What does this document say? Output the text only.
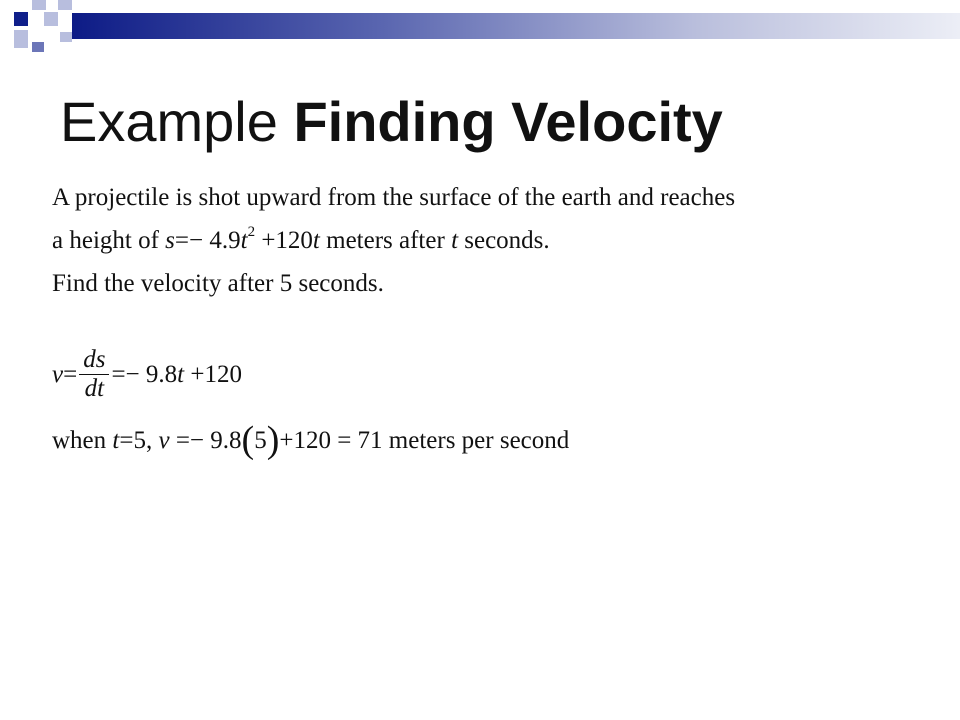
Example Finding Velocity
A projectile is shot upward from the surface of the earth and reaches
a height of $s=- 4.9t^2 +120t$ meters after t seconds.
Find the velocity after 5 seconds.
$v= \frac{ds}{dt} =- 9.8t +120$
when t=5, v =− 9.8(5)+120 = 71 meters per second
